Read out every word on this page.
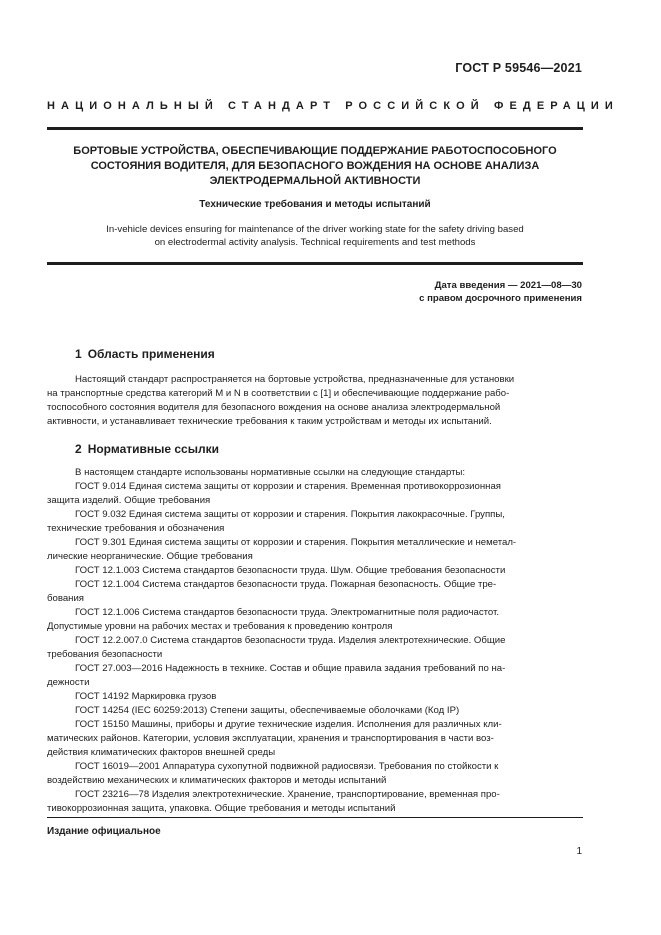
ГОСТ Р 59546—2021
НАЦИОНАЛЬНЫЙ СТАНДАРТ РОССИЙСКОЙ ФЕДЕРАЦИИ
БОРТОВЫЕ УСТРОЙСТВА, ОБЕСПЕЧИВАЮЩИЕ ПОДДЕРЖАНИЕ РАБОТОСПОСОБНОГО
СОСТОЯНИЯ ВОДИТЕЛЯ, ДЛЯ БЕЗОПАСНОГО ВОЖДЕНИЯ НА ОСНОВЕ АНАЛИЗА
ЭЛЕКТРОДЕРМАЛЬНОЙ АКТИВНОСТИ
Технические требования и методы испытаний
In-vehicle devices ensuring for maintenance of the driver working state for the safety driving based
on electrodermal activity analysis. Technical requirements and test methods
Дата введения — 2021—08—30
с правом досрочного применения
1 Область применения
Настоящий стандарт распространяется на бортовые устройства, предназначенные для установки
на транспортные средства категорий M и N в соответствии с [1] и обеспечивающие поддержание рабо-
тоспособного состояния водителя для безопасного вождения на основе анализа электродермальной
активности, и устанавливает технические требования к таким устройствам и методы их испытаний.
2 Нормативные ссылки
В настоящем стандарте использованы нормативные ссылки на следующие стандарты:
ГОСТ 9.014 Единая система защиты от коррозии и старения. Временная противокоррозионная
защита изделий. Общие требования
ГОСТ 9.032 Единая система защиты от коррозии и старения. Покрытия лакокрасочные. Группы,
технические требования и обозначения
ГОСТ 9.301 Единая система защиты от коррозии и старения. Покрытия металлические и неметал-
лические неорганические. Общие требования
ГОСТ 12.1.003 Система стандартов безопасности труда. Шум. Общие требования безопасности
ГОСТ 12.1.004 Система стандартов безопасности труда. Пожарная безопасность. Общие тре-
бования
ГОСТ 12.1.006 Система стандартов безопасности труда. Электромагнитные поля радиочастот.
Допустимые уровни на рабочих местах и требования к проведению контроля
ГОСТ 12.2.007.0 Система стандартов безопасности труда. Изделия электротехнические. Общие
требования безопасности
ГОСТ 27.003—2016 Надежность в технике. Состав и общие правила задания требований по на-
дежности
ГОСТ 14192 Маркировка грузов
ГОСТ 14254 (IEC 60259:2013) Степени защиты, обеспечиваемые оболочками (Код IP)
ГОСТ 15150 Машины, приборы и другие технические изделия. Исполнения для различных кли-
матических районов. Категории, условия эксплуатации, хранения и транспортирования в части воз-
действия климатических факторов внешней среды
ГОСТ 16019—2001 Аппаратура сухопутной подвижной радиосвязи. Требования по стойкости к
воздействию механических и климатических факторов и методы испытаний
ГОСТ 23216—78 Изделия электротехнические. Хранение, транспортирование, временная про-
тивокоррозионная защита, упаковка. Общие требования и методы испытаний
Издание официальное
1
